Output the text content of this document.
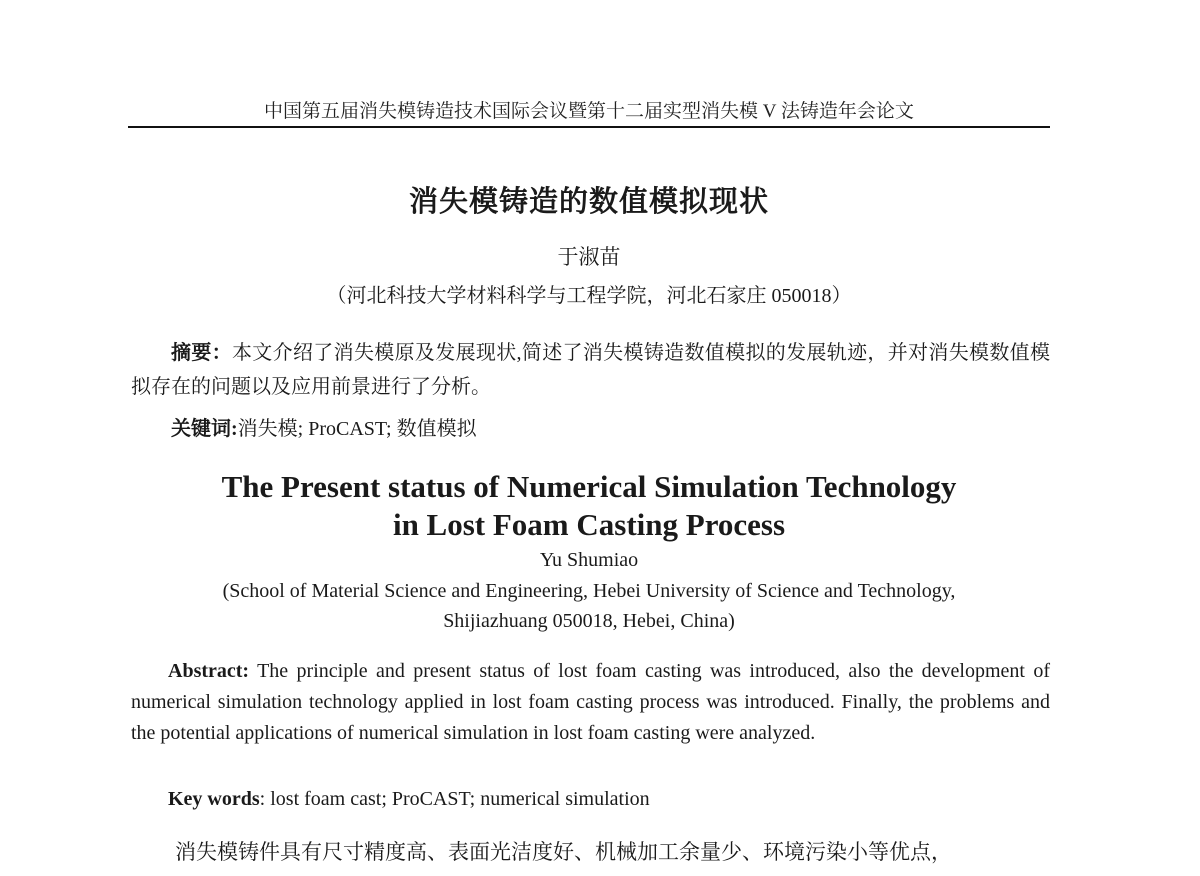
中国第五届消失模铸造技术国际会议暨第十二届实型消失模 V 法铸造年会论文
消失模铸造的数值模拟现状
于淑苗
（河北科技大学材料科学与工程学院，河北石家庄 050018）
摘要：本文介绍了消失模原及发展现状,简述了消失模铸造数值模拟的发展轨迹，并对消失模数值模拟存在的问题以及应用前景进行了分析。
关键词:消失模; ProCAST; 数值模拟
The Present status of Numerical Simulation Technology
in Lost Foam Casting Process
Yu Shumiao
(School of Material Science and Engineering, Hebei University of Science and Technology,
Shijiazhuang 050018, Hebei, China)
Abstract: The principle and present status of lost foam casting was introduced, also the development of numerical simulation technology applied in lost foam casting process was introduced. Finally, the problems and the potential applications of numerical simulation in lost foam casting were analyzed.
Key words: lost foam cast; ProCAST; numerical simulation
消失模铸件具有尺寸精度高、表面光洁度好、机械加工余量少、环境污染小等优点，
